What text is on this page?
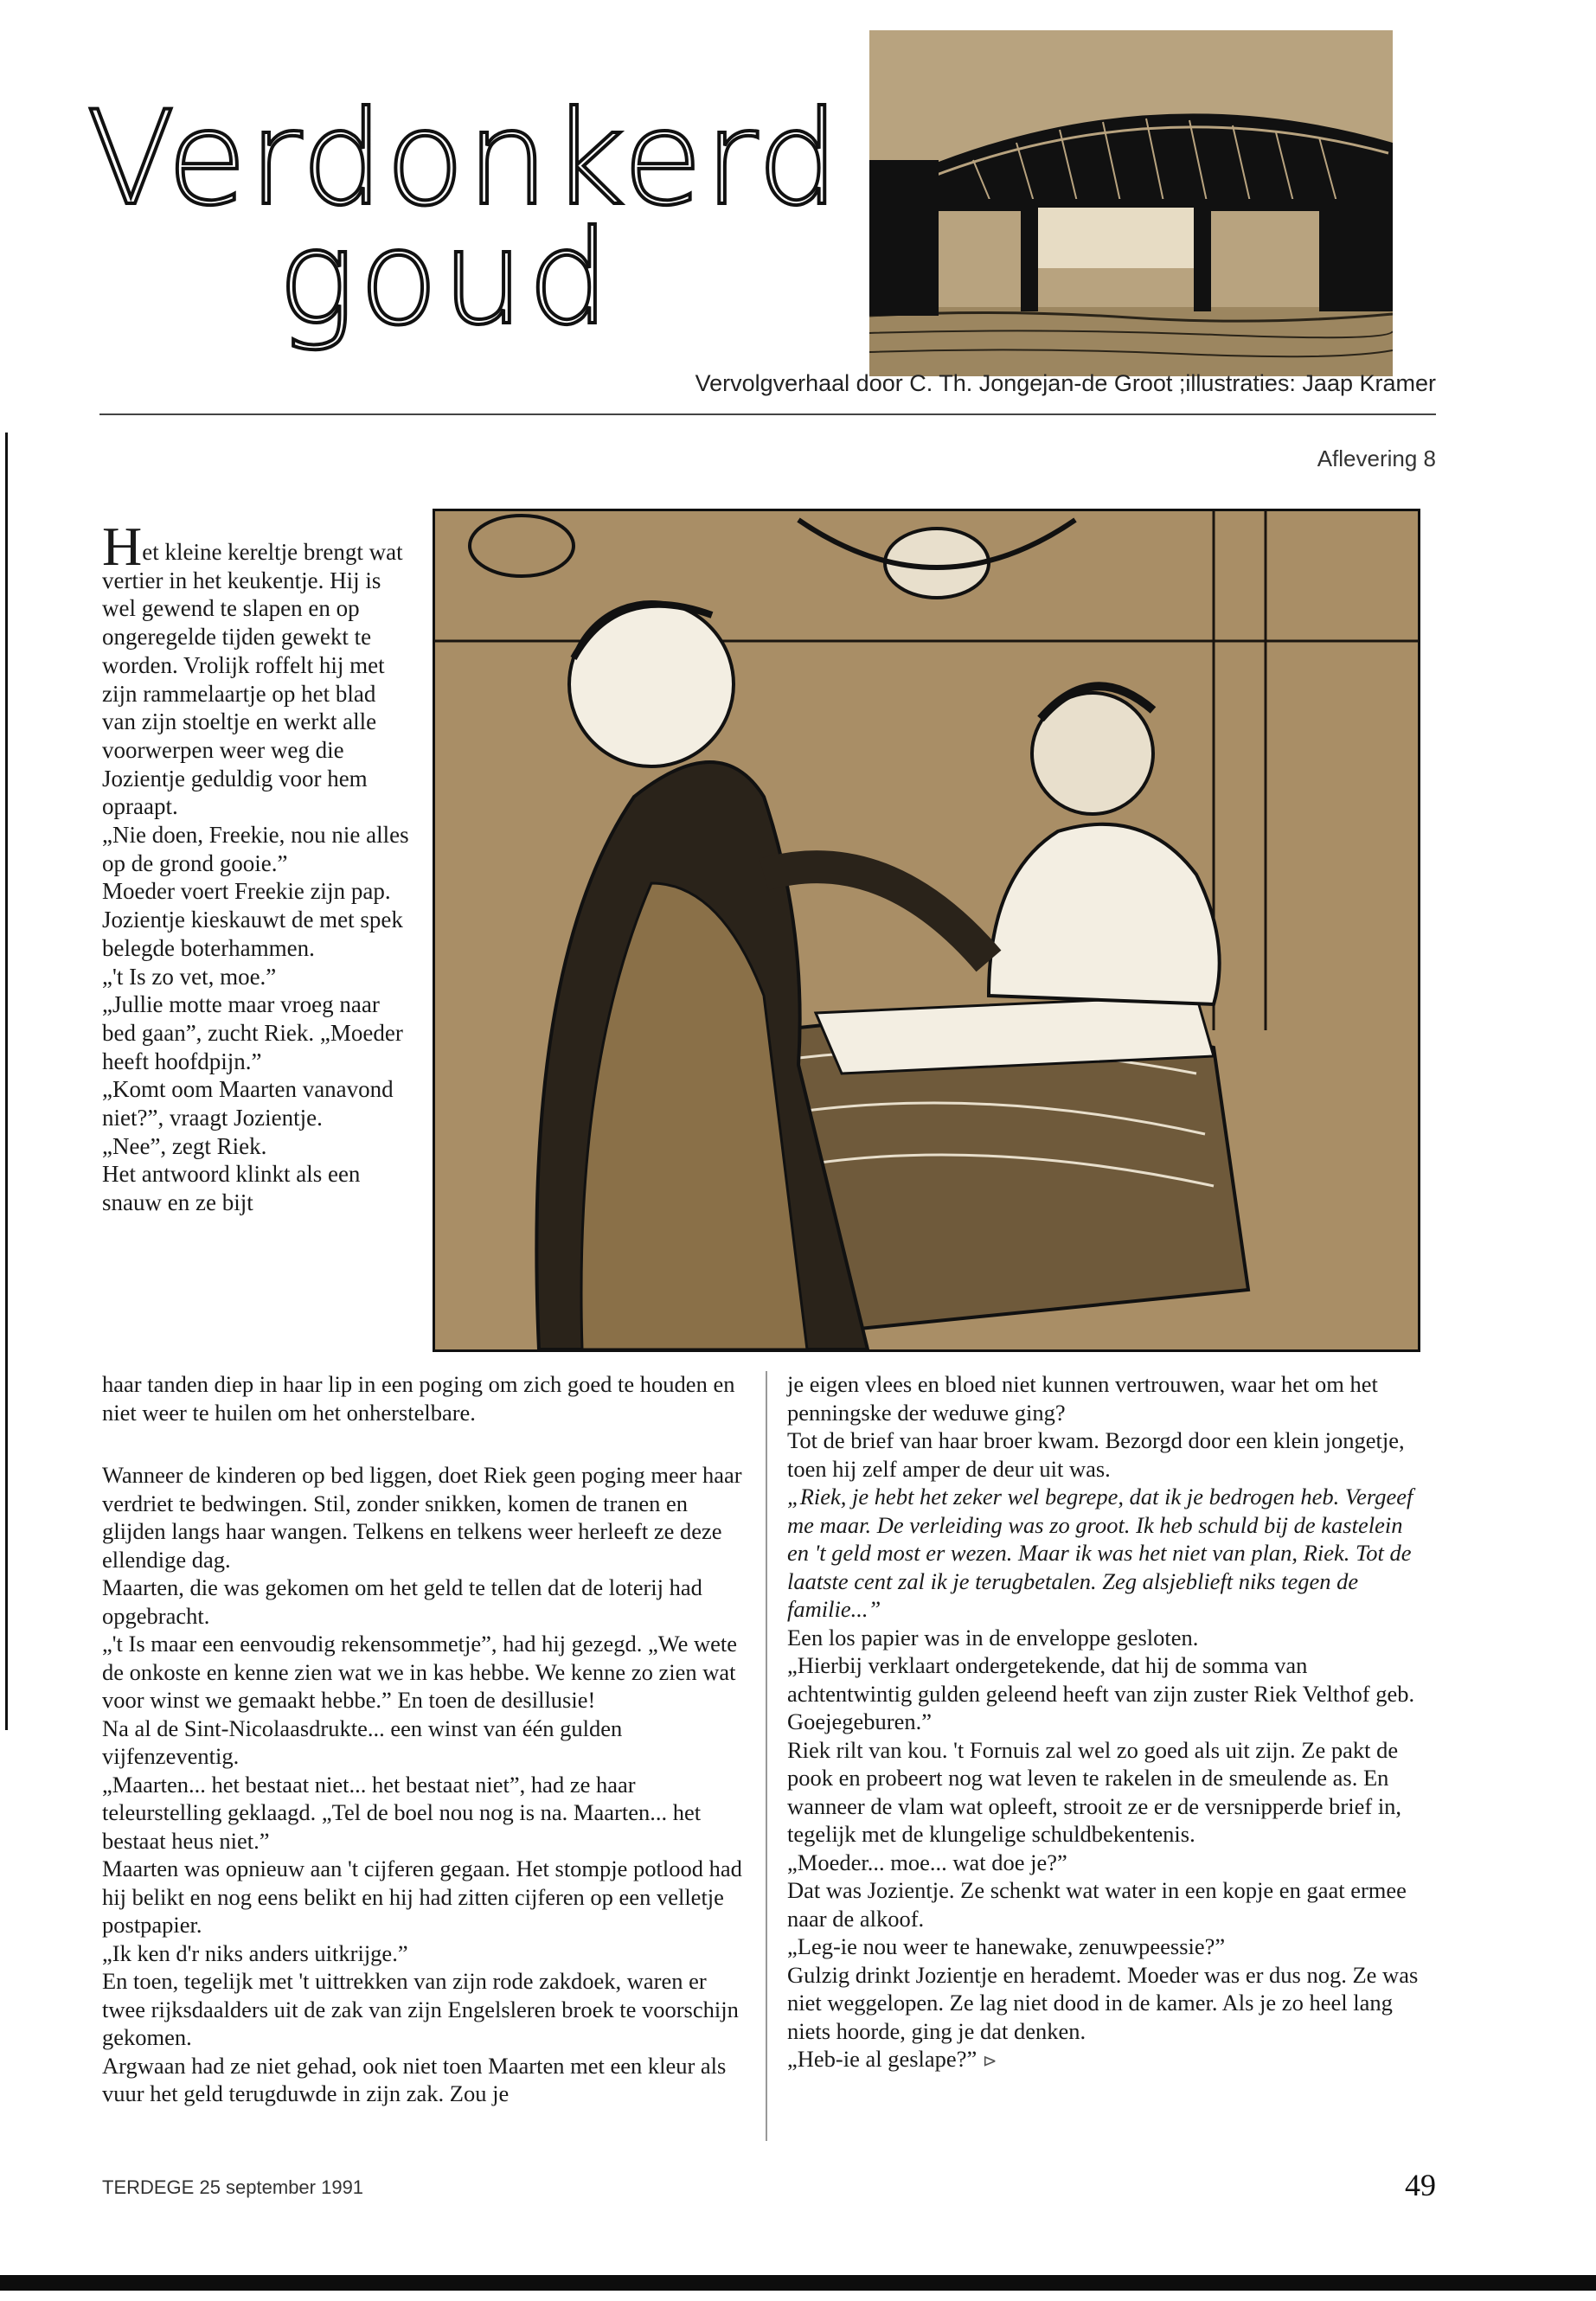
Verdonkerd
goud
Vervolgverhaal door C. Th. Jongejan-de Groot ;illustraties: Jaap Kramer
Aflevering 8

Het kleine kereltje brengt wat vertier in het keukentje. Hij is wel gewend te slapen en op ongeregelde tijden gewekt te worden. Vrolijk roffelt hij met zijn rammelaartje op het blad van zijn stoeltje en werkt alle voorwerpen weer weg die Jozientje geduldig voor hem opraapt.

„Nie doen, Freekie, nou nie alles op de grond gooie.”

Moeder voert Freekie zijn pap. Jozientje kieskauwt de met spek belegde boterhammen.

„'t Is zo vet, moe.”

„Jullie motte maar vroeg naar bed gaan”, zucht Riek. „Moeder heeft hoofdpijn.”

„Komt oom Maarten vanavond niet?”, vraagt Jozientje.

„Nee”, zegt Riek.

Het antwoord klinkt als een snauw en ze bijt

haar tanden diep in haar lip in een poging om zich goed te houden en niet weer te huilen om het onherstelbare.

Wanneer de kinderen op bed liggen, doet Riek geen poging meer haar verdriet te bedwingen. Stil, zonder snikken, komen de tranen en glijden langs haar wangen. Telkens en telkens weer herleeft ze deze ellendige dag.

Maarten, die was gekomen om het geld te tellen dat de loterij had opgebracht.

„'t Is maar een eenvoudig rekensommetje”, had hij gezegd. „We wete de onkoste en kenne zien wat we in kas hebbe. We kenne zo zien wat voor winst we gemaakt hebbe.” En toen de desillusie!

Na al de Sint-Nicolaasdrukte... een winst van één gulden vijfenzeventig.

„Maarten... het bestaat niet... het bestaat niet”, had ze haar teleurstelling geklaagd. „Tel de boel nou nog is na. Maarten... het bestaat heus niet.”

Maarten was opnieuw aan 't cijferen gegaan. Het stompje potlood had hij belikt en nog eens belikt en hij had zitten cijferen op een velletje postpapier.

„Ik ken d'r niks anders uitkrijge.”

En toen, tegelijk met 't uittrekken van zijn rode zakdoek, waren er twee rijksdaalders uit de zak van zijn Engelsleren broek te voorschijn gekomen.

Argwaan had ze niet gehad, ook niet toen Maarten met een kleur als vuur het geld terugduwde in zijn zak. Zou je

je eigen vlees en bloed niet kunnen vertrouwen, waar het om het penningske der weduwe ging?

Tot de brief van haar broer kwam. Bezorgd door een klein jongetje, toen hij zelf amper de deur uit was.

„Riek, je hebt het zeker wel begrepe, dat ik je bedrogen heb. Vergeef me maar. De verleiding was zo groot. Ik heb schuld bij de kastelein en 't geld most er wezen. Maar ik was het niet van plan, Riek. Tot de laatste cent zal ik je terugbetalen. Zeg alsjeblieft niks tegen de familie...”

Een los papier was in de enveloppe gesloten.

„Hierbij verklaart ondergetekende, dat hij de somma van achtentwintig gulden geleend heeft van zijn zuster Riek Velthof geb. Goejegeburen.”

Riek rilt van kou. 't Fornuis zal wel zo goed als uit zijn. Ze pakt de pook en probeert nog wat leven te rakelen in de smeulende as. En wanneer de vlam wat opleeft, strooit ze er de versnipperde brief in, tegelijk met de klungelige schuldbekentenis.

„Moeder... moe... wat doe je?”

Dat was Jozientje. Ze schenkt wat water in een kopje en gaat ermee naar de alkoof.

„Leg-ie nou weer te hanewake, zenuwpeessie?”

Gulzig drinkt Jozientje en herademt. Moeder was er dus nog. Ze was niet weggelopen. Ze lag niet dood in de kamer. Als je zo heel lang niets hoorde, ging je dat denken.

„Heb-ie al geslape?” ⊳

TERDEGE 25 september 1991	49
